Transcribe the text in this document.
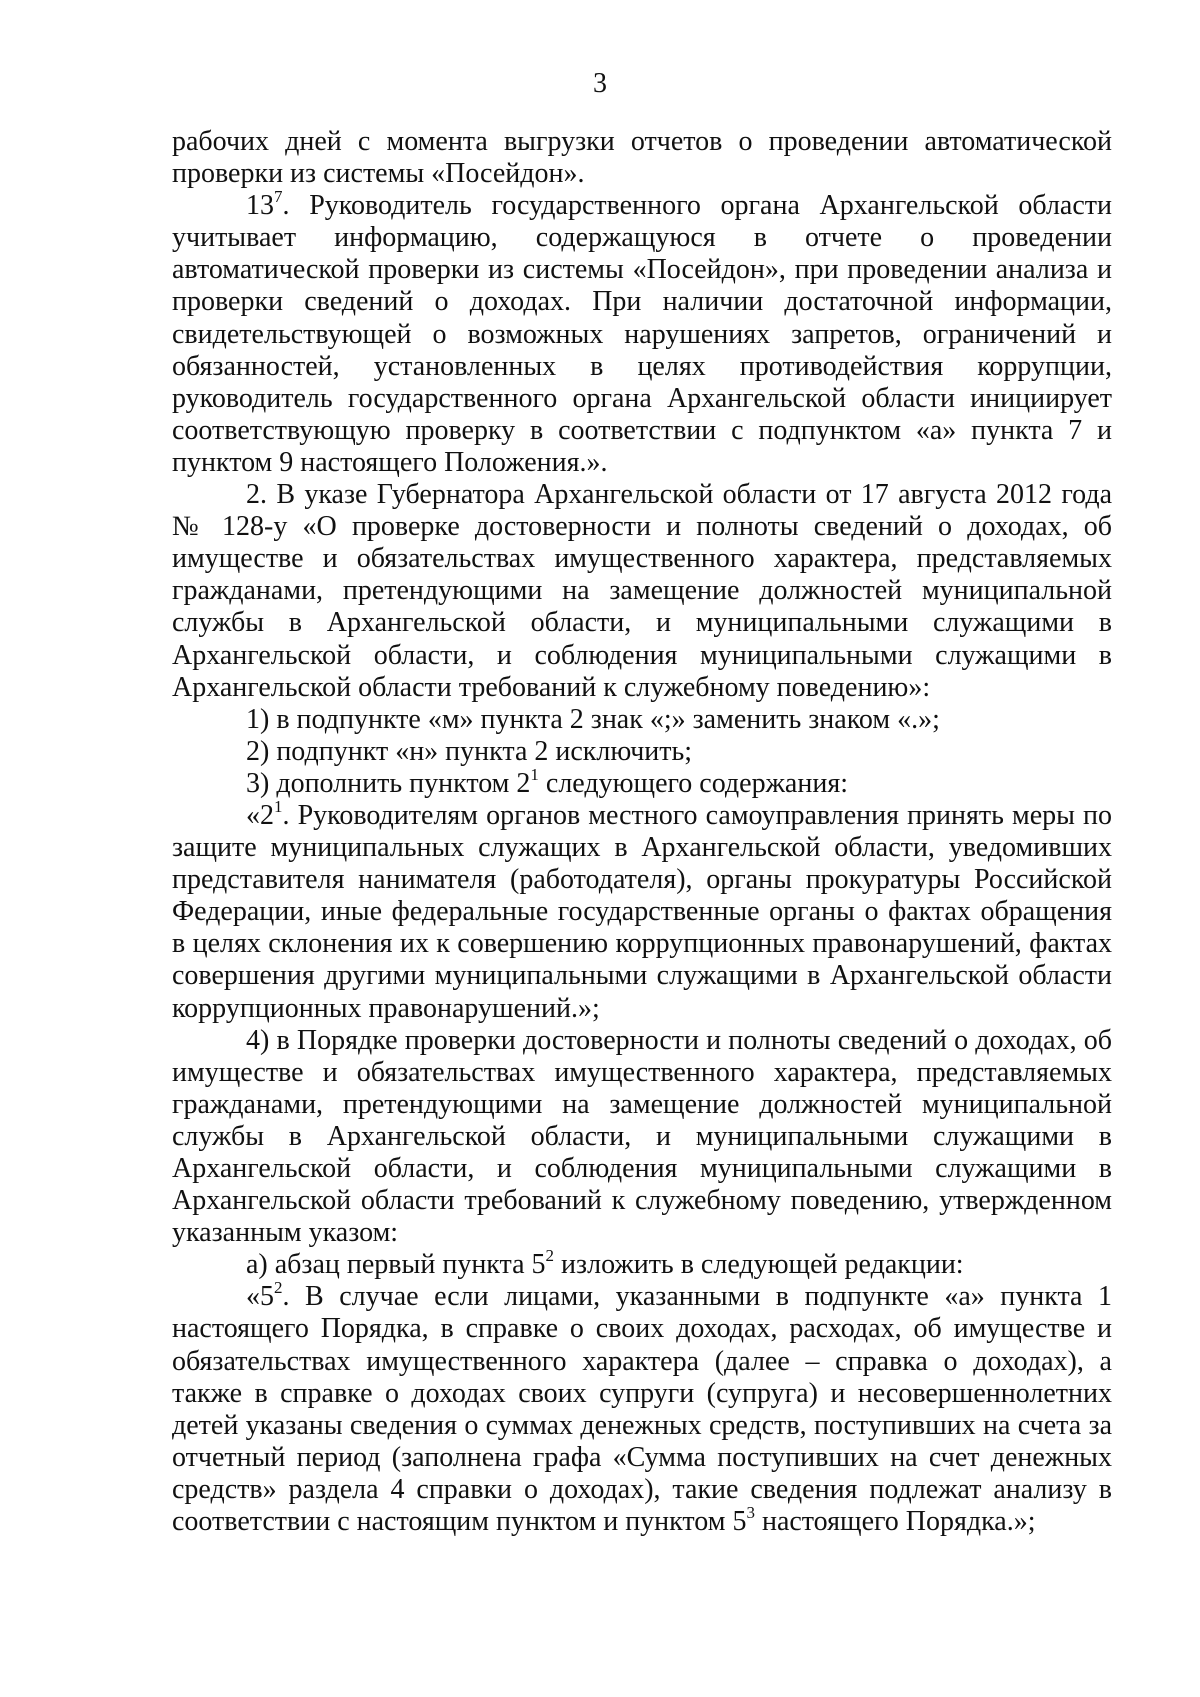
3

рабочих дней с момента выгрузки отчетов о проведении автоматической проверки из системы «Посейдон».

$13^7$. Руководитель государственного органа Архангельской области учитывает информацию, содержащуюся в отчете о проведении автоматической проверки из системы «Посейдон», при проведении анализа и проверки сведений о доходах. При наличии достаточной информации, свидетельствующей о возможных нарушениях запретов, ограничений и обязанностей, установленных в целях противодействия коррупции, руководитель государственного органа Архангельской области инициирует соответствующую проверку в соответствии с подпунктом «а» пункта 7 и пунктом 9 настоящего Положения.».

2. В указе Губернатора Архангельской области от 17 августа 2012 года № 128-у «О проверке достоверности и полноты сведений о доходах, об имуществе и обязательствах имущественного характера, представляемых гражданами, претендующими на замещение должностей муниципальной службы в Архангельской области, и муниципальными служащими в Архангельской области, и соблюдения муниципальными служащими в Архангельской области требований к служебному поведению»:

1) в подпункте «м» пункта 2 знак «;» заменить знаком «.»;

2) подпункт «н» пункта 2 исключить;

3) дополнить пунктом $2^1$ следующего содержания:

«$2^1$. Руководителям органов местного самоуправления принять меры по защите муниципальных служащих в Архангельской области, уведомивших представителя нанимателя (работодателя), органы прокуратуры Российской Федерации, иные федеральные государственные органы о фактах обращения в целях склонения их к совершению коррупционных правонарушений, фактах совершения другими муниципальными служащими в Архангельской области коррупционных правонарушений.»;

4) в Порядке проверки достоверности и полноты сведений о доходах, об имуществе и обязательствах имущественного характера, представляемых гражданами, претендующими на замещение должностей муниципальной службы в Архангельской области, и муниципальными служащими в Архангельской области, и соблюдения муниципальными служащими в Архангельской области требований к служебному поведению, утвержденном указанным указом:

а) абзац первый пункта $5^2$ изложить в следующей редакции:

«$5^2$. В случае если лицами, указанными в подпункте «а» пункта 1 настоящего Порядка, в справке о своих доходах, расходах, об имуществе и обязательствах имущественного характера (далее – справка о доходах), а также в справке о доходах своих супруги (супруга) и несовершеннолетних детей указаны сведения о суммах денежных средств, поступивших на счета за отчетный период (заполнена графа «Сумма поступивших на счет денежных средств» раздела 4 справки о доходах), такие сведения подлежат анализу в соответствии с настоящим пунктом и пунктом $5^3$ настоящего Порядка.»;
